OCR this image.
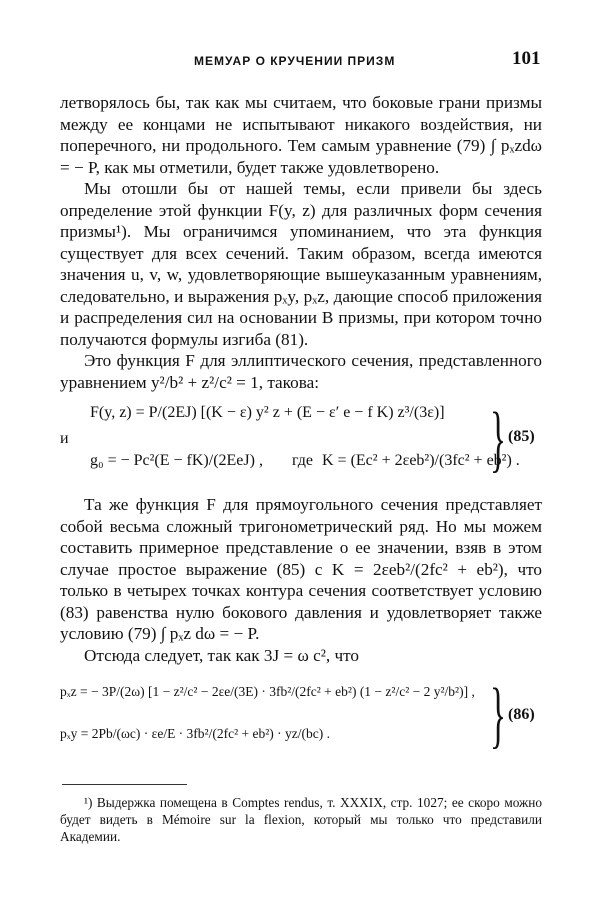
МЕМУАР О КРУЧЕНИИ ПРИЗМ	101

летворялось бы, так как мы считаем, что боковые грани призмы между ее концами не испытывают никакого воздействия, ни поперечного, ни продольного. Тем самым уравнение (79) ∫ pₓzdω = − P, как мы отметили, будет также удовлетворено.

Мы отошли бы от нашей темы, если привели бы здесь определение этой функции F(y, z) для различных форм сечения призмы¹). Мы ограничимся упоминанием, что эта функция существует для всех сечений. Таким образом, всегда имеются значения u, v, w, удовлетворяющие вышеуказанным уравнениям, следовательно, и выражения pₓy, pₓz, дающие способ приложения и распределения сил на основании B призмы, при котором точно получаются формулы изгиба (81).

Это функция F для эллиптического сечения, представленного уравнением y²/b² + z²/c² = 1, такова:

F(y, z) = P/(2EJ) [(K − ε) y² z + (E − ε′ e − f K) z³/(3ε)]
и
g₀ = − Pc²(E − fK)/(2EeJ) , где K = (Ec² + 2εeb²)/(3fc² + eb²) .
} (85)

Та же функция F для прямоугольного сечения представляет собой весьма сложный тригонометрический ряд. Но мы можем составить примерное представление о ее значении, взяв в этом случае простое выражение (85) с K = 2εeb²/(2fc² + eb²), что только в четырех точках контура сечения соответствует условию (83) равенства нулю бокового давления и удовлетворяет также условию (79) ∫ pₓz dω = − P.

Отсюда следует, так как 3J = ω c², что

pₓz = − 3P/(2ω) [1 − z²/c² − 2εe/(3E) · 3fb²/(2fc² + eb²) (1 − z²/c² − 2 y²/b²)] ,
pₓy = 2Pb/(ωc) · εe/E · 3fb²/(2fc² + eb²) · yz/(bc) . } (86)

¹) Выдержка помещена в Comptes rendus, т. XXXIX, стр. 1027; ее скоро можно будет видеть в Mémoire sur la flexion, который мы только что представили Академии.
